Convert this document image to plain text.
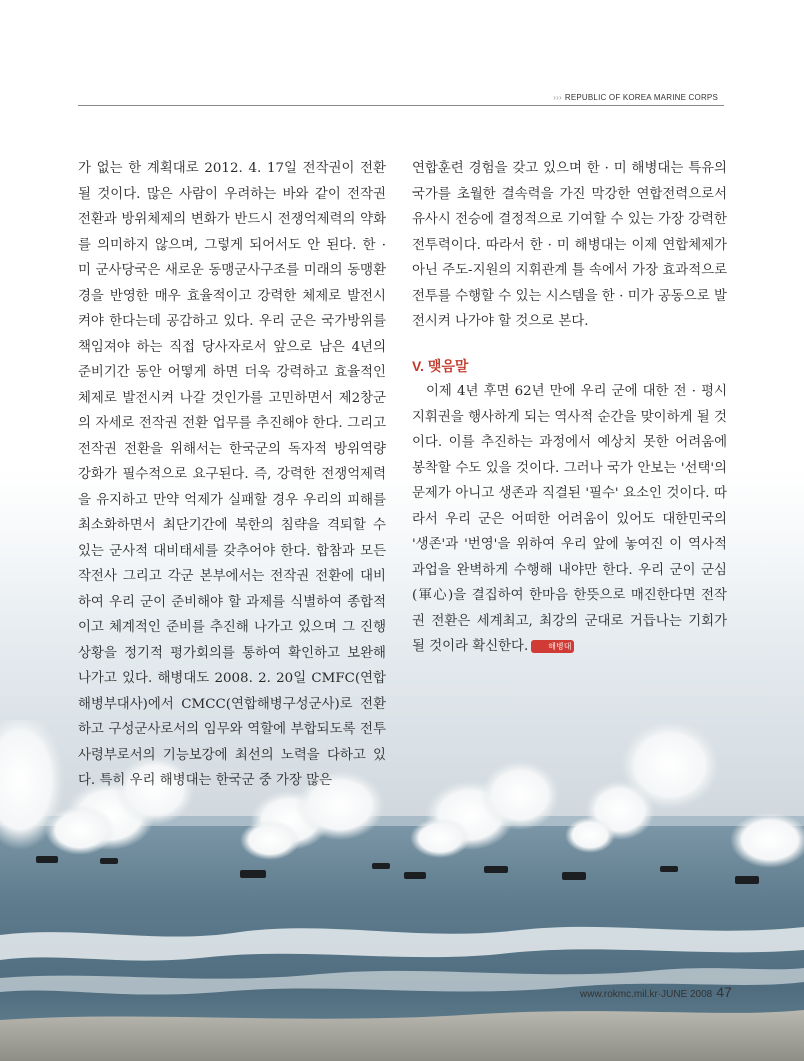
››› REPUBLIC OF KOREA MARINE CORPS

가 없는 한 계획대로 2012. 4. 17일 전작권이 전환될 것이다. 많은 사람이 우려하는 바와 같이 전작권 전환과 방위체제의 변화가 반드시 전쟁억제력의 약화를 의미하지 않으며, 그렇게 되어서도 안 된다. 한 · 미 군사당국은 새로운 동맹군사구조를 미래의 동맹환경을 반영한 매우 효율적이고 강력한 체제로 발전시켜야 한다는데 공감하고 있다. 우리 군은 국가방위를 책임져야 하는 직접 당사자로서 앞으로 남은 4년의 준비기간 동안 어떻게 하면 더욱 강력하고 효율적인 체제로 발전시켜 나갈 것인가를 고민하면서 제2창군의 자세로 전작권 전환 업무를 추진해야 한다. 그리고 전작권 전환을 위해서는 한국군의 독자적 방위역량 강화가 필수적으로 요구된다. 즉, 강력한 전쟁억제력을 유지하고 만약 억제가 실패할 경우 우리의 피해를 최소화하면서 최단기간에 북한의 침략을 격퇴할 수 있는 군사적 대비태세를 갖추어야 한다. 합참과 모든 작전사 그리고 각군 본부에서는 전작권 전환에 대비하여 우리 군이 준비해야 할 과제를 식별하여 종합적이고 체계적인 준비를 추진해 나가고 있으며 그 진행상황을 정기적 평가회의를 통하여 확인하고 보완해 나가고 있다. 해병대도 2008. 2. 20일 CMFC(연합해병부대사)에서 CMCC(연합해병구성군사)로 전환하고 구성군사로서의 임무와 역할에 부합되도록 전투사령부로서의 기능보강에 최선의 노력을 다하고 있다. 특히 우리 해병대는 한국군 중 가장 많은

연합훈련 경험을 갖고 있으며 한 · 미 해병대는 특유의 국가를 초월한 결속력을 가진 막강한 연합전력으로서 유사시 전승에 결정적으로 기여할 수 있는 가장 강력한 전투력이다. 따라서 한 · 미 해병대는 이제 연합체제가 아닌 주도-지원의 지휘관계 틀 속에서 가장 효과적으로 전투를 수행할 수 있는 시스템을 한 · 미가 공동으로 발전시켜 나가야 할 것으로 본다.

V. 맺음말

이제 4년 후면 62년 만에 우리 군에 대한 전 · 평시 지휘권을 행사하게 되는 역사적 순간을 맞이하게 될 것이다. 이를 추진하는 과정에서 예상치 못한 어려움에 봉착할 수도 있을 것이다. 그러나 국가 안보는 '선택'의 문제가 아니고 생존과 직결된 '필수' 요소인 것이다. 따라서 우리 군은 어떠한 어려움이 있어도 대한민국의 '생존'과 '번영'을 위하여 우리 앞에 놓여진 이 역사적 과업을 완벽하게 수행해 내야만 한다. 우리 군이 군심(軍心)을 결집하여 한마음 한뜻으로 매진한다면 전작권 전환은 세계최고, 최강의 군대로 거듭나는 기회가 될 것이라 확신한다.	해병대

www.rokmc.mil.kr·JUNE 2008 47
